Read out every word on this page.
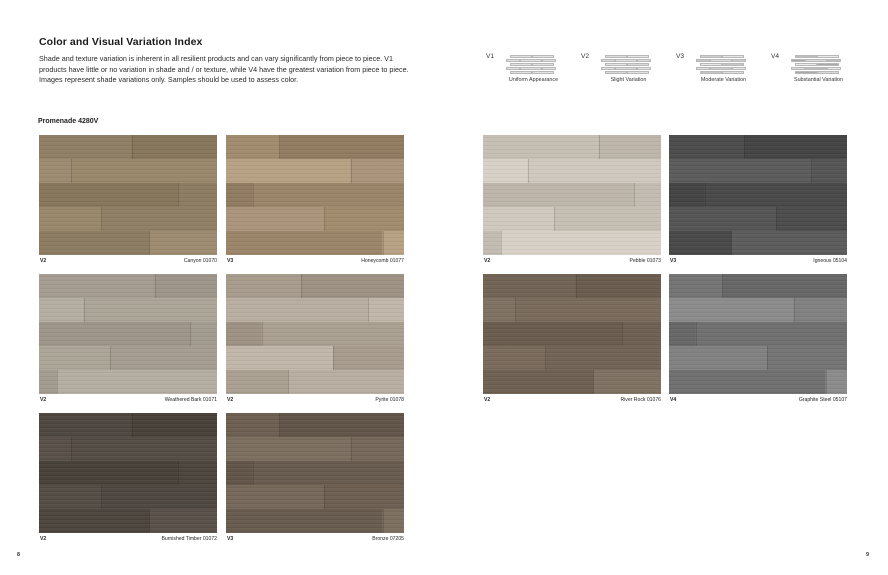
Color and Visual Variation Index

Shade and texture variation is inherent in all resilient products and can vary significantly from piece to piece. V1 products have little or no variation in shade and / or texture, while V4 have the greatest variation from piece to piece. Images represent shade variations only. Samples should be used to assess color.

V1
Uniform Appearance
V2
Slight Variation
V3
Moderate Variation
V4
Substantial Variation
Promenade 4280V
V2	Canyon 01070 V3	Honeycomb 01077
V2	Weathered Bark 01071 V2	Pyrite 01078
V2	Burnished Timber 01072 V3	Bronze 07205
V2	Pebble 01073 V3	Igneous 05104
V2	River Rock 01076 V4	Graphite Steel 05107
8	9
